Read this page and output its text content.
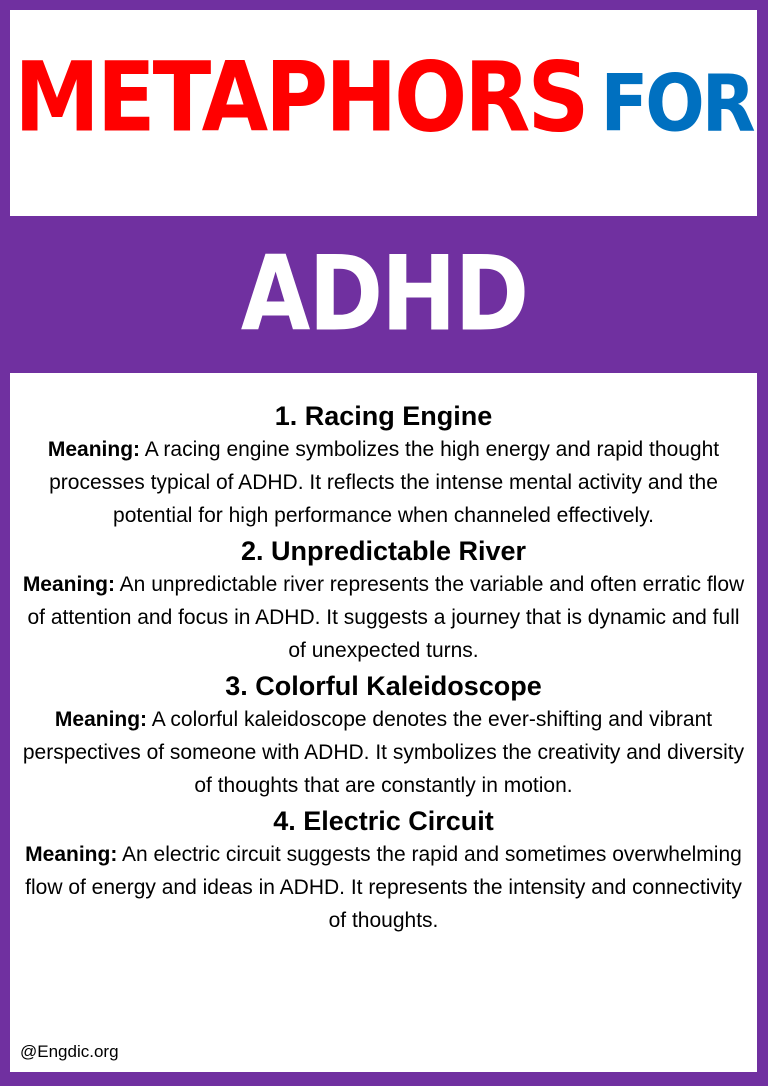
METAPHORS FOR
ADHD
1. Racing Engine
Meaning: A racing engine symbolizes the high energy and rapid thought processes typical of ADHD. It reflects the intense mental activity and the potential for high performance when channeled effectively.
2. Unpredictable River
Meaning: An unpredictable river represents the variable and often erratic flow of attention and focus in ADHD. It suggests a journey that is dynamic and full of unexpected turns.
3. Colorful Kaleidoscope
Meaning: A colorful kaleidoscope denotes the ever-shifting and vibrant perspectives of someone with ADHD. It symbolizes the creativity and diversity of thoughts that are constantly in motion.
4. Electric Circuit
Meaning: An electric circuit suggests the rapid and sometimes overwhelming flow of energy and ideas in ADHD. It represents the intensity and connectivity of thoughts.
@Engdic.org
